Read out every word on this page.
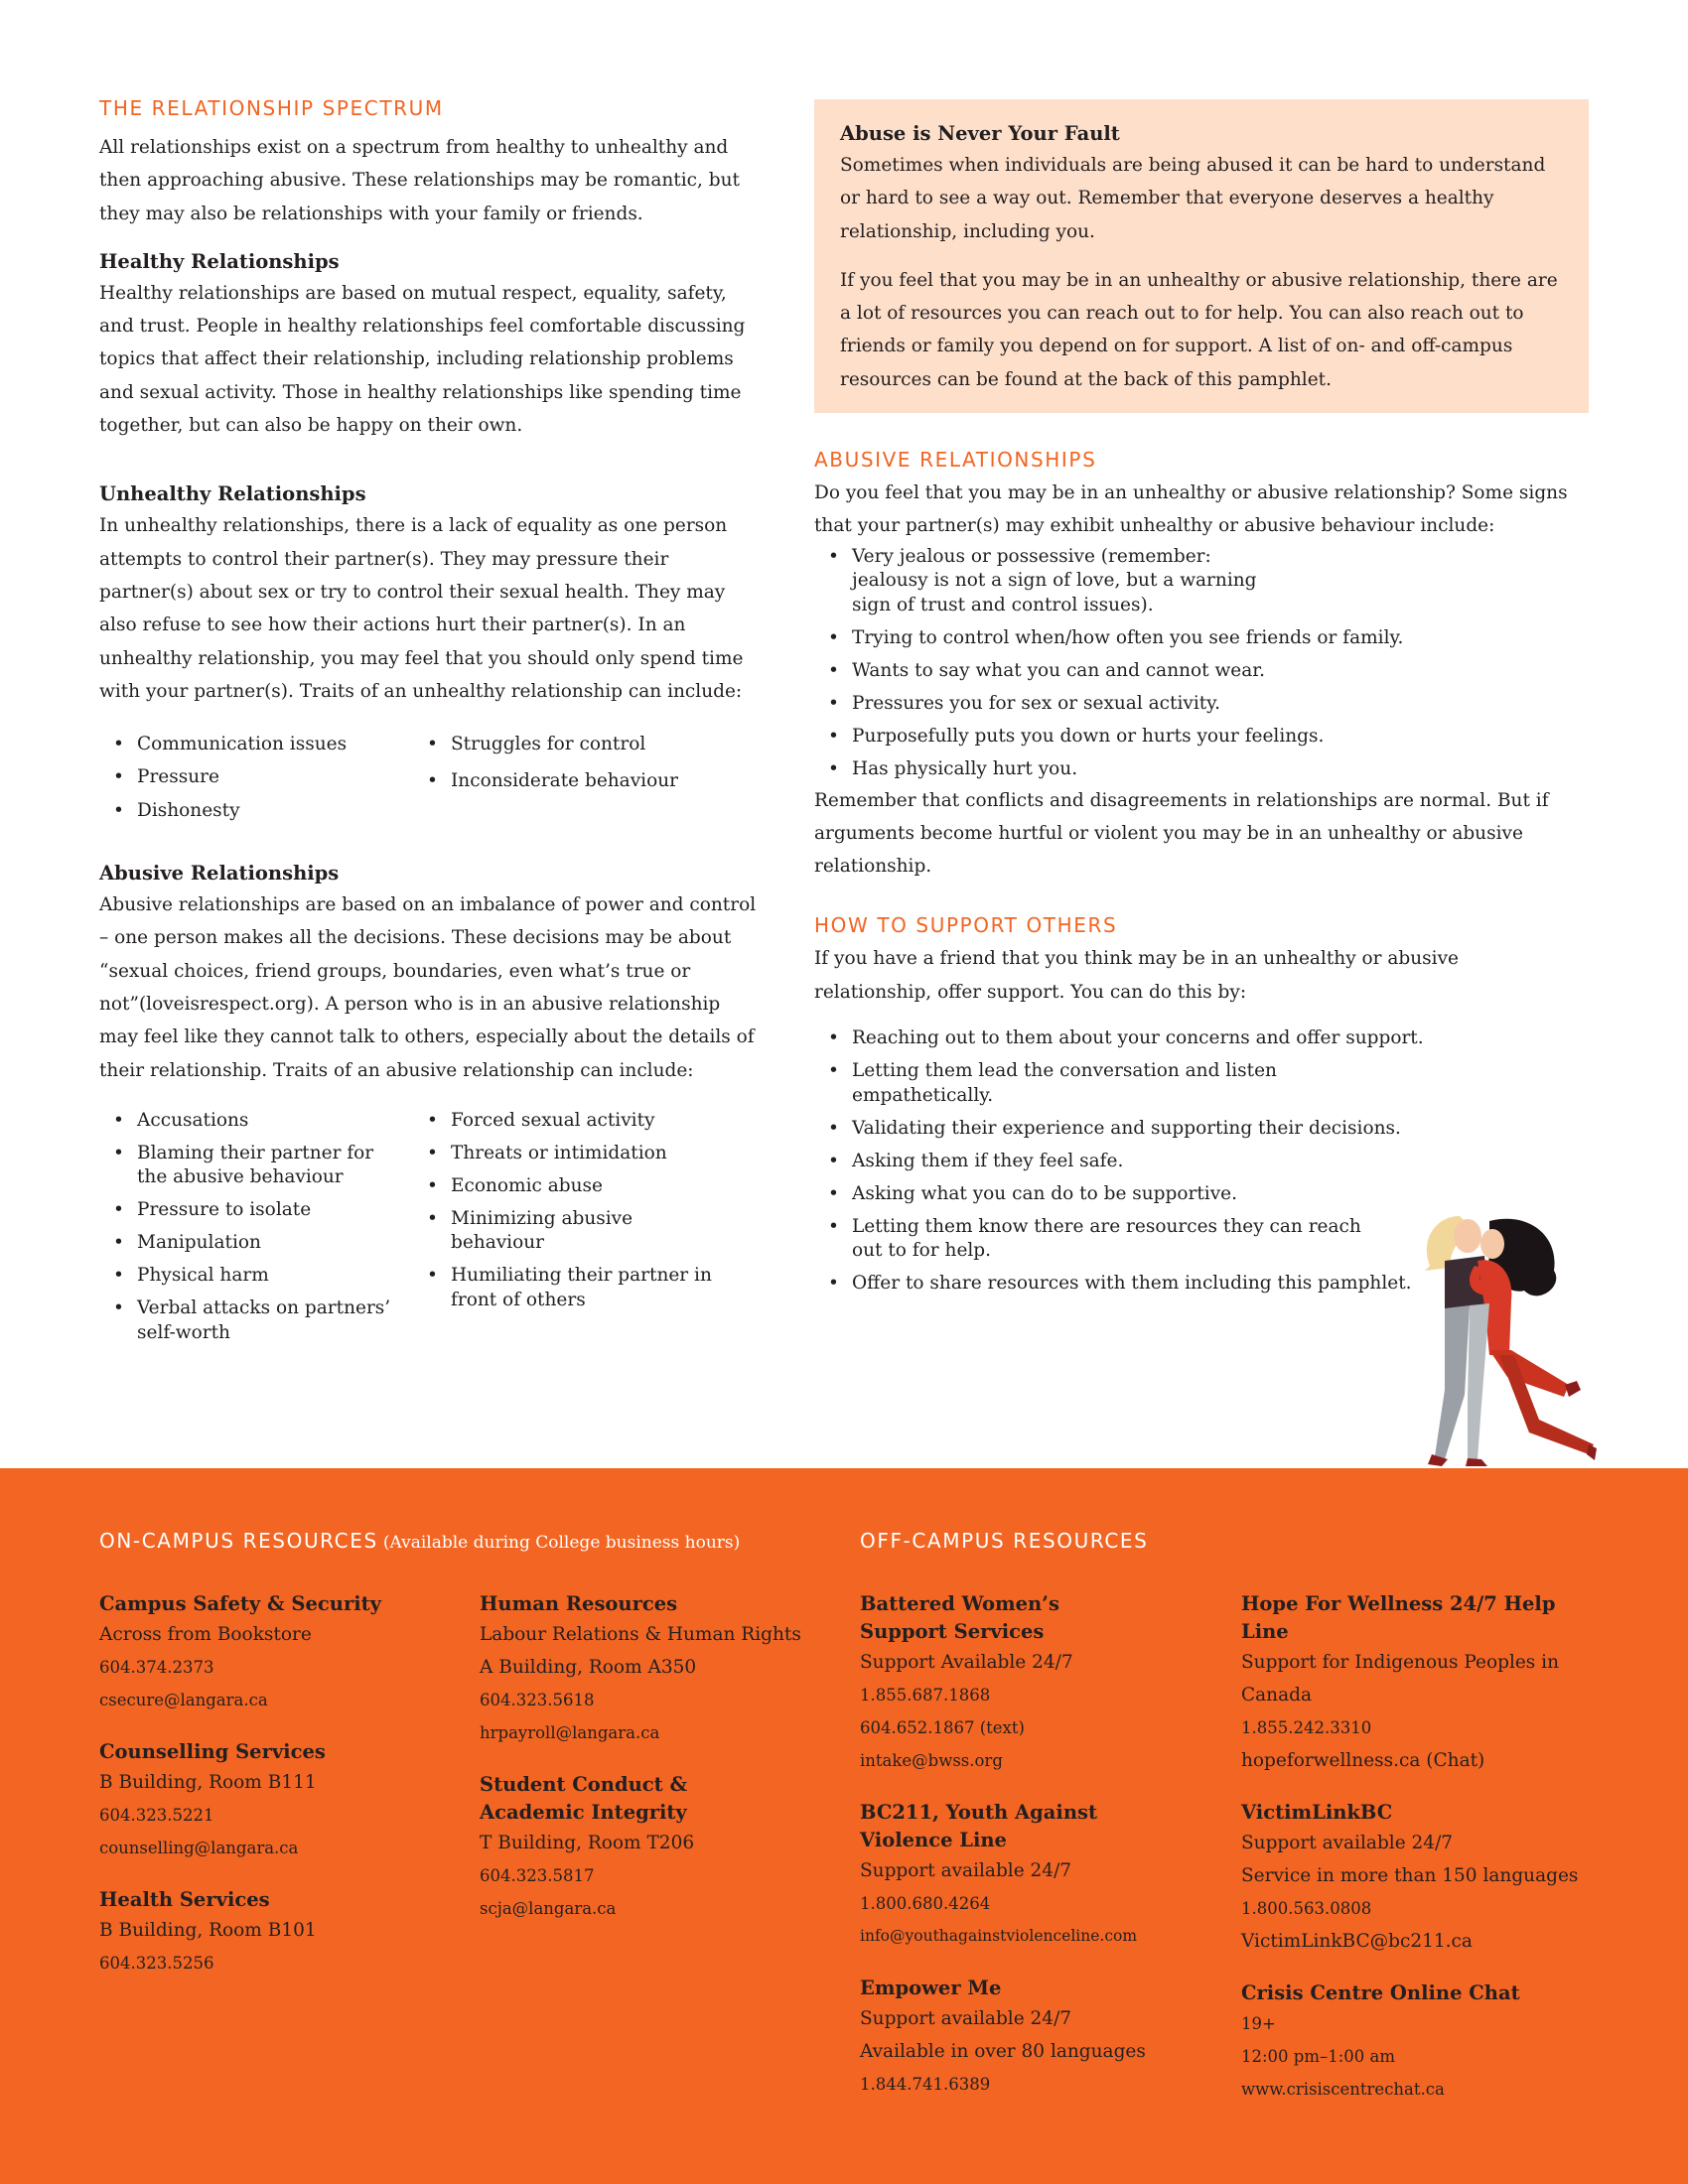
THE RELATIONSHIP SPECTRUM

All relationships exist on a spectrum from healthy to unhealthy and then approaching abusive. These relationships may be romantic, but they may also be relationships with your family or friends.

Healthy Relationships

Healthy relationships are based on mutual respect, equality, safety, and trust. People in healthy relationships feel comfortable discussing topics that affect their relationship, including relationship problems and sexual activity. Those in healthy relationships like spending time together, but can also be happy on their own.

Unhealthy Relationships

In unhealthy relationships, there is a lack of equality as one person attempts to control their partner(s). They may pressure their partner(s) about sex or try to control their sexual health. They may also refuse to see how their actions hurt their partner(s). In an unhealthy relationship, you may feel that you should only spend time with your partner(s). Traits of an unhealthy relationship can include:

• Communication issues
• Pressure
• Dishonesty
• Struggles for control
• Inconsiderate behaviour
Abusive Relationships

Abusive relationships are based on an imbalance of power and control – one person makes all the decisions. These decisions may be about “sexual choices, friend groups, boundaries, even what’s true or not”(loveisrespect.org). A person who is in an abusive relationship may feel like they cannot talk to others, especially about the details of their relationship. Traits of an abusive relationship can include:

• Accusations
• Blaming their partner for the abusive behaviour
• Pressure to isolate
• Manipulation
• Physical harm
• Verbal attacks on partners’ self-worth
• Forced sexual activity
• Threats or intimidation
• Economic abuse
• Minimizing abusive behaviour
• Humiliating their partner in front of others
Abuse is Never Your Fault

Sometimes when individuals are being abused it can be hard to understand or hard to see a way out. Remember that everyone deserves a healthy relationship, including you.

If you feel that you may be in an unhealthy or abusive relationship, there are a lot of resources you can reach out to for help. You can also reach out to friends or family you depend on for support. A list of on- and off-campus resources can be found at the back of this pamphlet.

ABUSIVE RELATIONSHIPS

Do you feel that you may be in an unhealthy or abusive relationship? Some signs that your partner(s) may exhibit unhealthy or abusive behaviour include:

• Very jealous or possessive (remember: jealousy is not a sign of love, but a warning sign of trust and control issues).
• Trying to control when/how often you see friends or family.
• Wants to say what you can and cannot wear.
• Pressures you for sex or sexual activity.
• Purposefully puts you down or hurts your feelings.
• Has physically hurt you.

Remember that conflicts and disagreements in relationships are normal. But if arguments become hurtful or violent you may be in an unhealthy or abusive relationship.

HOW TO SUPPORT OTHERS

If you have a friend that you think may be in an unhealthy or abusive relationship, offer support. You can do this by:

• Reaching out to them about your concerns and offer support.
• Letting them lead the conversation and listen empathetically.
• Validating their experience and supporting their decisions.
• Asking them if they feel safe.
• Asking what you can do to be supportive.
• Letting them know there are resources they can reach out to for help.
• Offer to share resources with them including this pamphlet.
ON-CAMPUS RESOURCES (Available during College business hours)	OFF-CAMPUS RESOURCES
Campus Safety & Security
Across from Bookstore
604.374.2373
csecure@langara.ca
Counselling Services
B Building, Room B111
604.323.5221
counselling@langara.ca
Health Services
B Building, Room B101
604.323.5256
Human Resources
Labour Relations & Human Rights
A Building, Room A350
604.323.5618
hrpayroll@langara.ca
Student Conduct & Academic Integrity
T Building, Room T206
604.323.5817
scja@langara.ca
Battered Women’s Support Services
Support Available 24/7
1.855.687.1868
604.652.1867 (text)
intake@bwss.org
BC211, Youth Against Violence Line
Support available 24/7
1.800.680.4264
info@youthagainstviolenceline.com
Empower Me
Support available 24/7
Available in over 80 languages
1.844.741.6389
Hope For Wellness 24/7 Help Line
Support for Indigenous Peoples in Canada
1.855.242.3310
hopeforwellness.ca (Chat)
VictimLinkBC
Support available 24/7
Service in more than 150 languages
1.800.563.0808
VictimLinkBC@bc211.ca
Crisis Centre Online Chat
19+
12:00 pm–1:00 am
www.crisiscentrechat.ca
